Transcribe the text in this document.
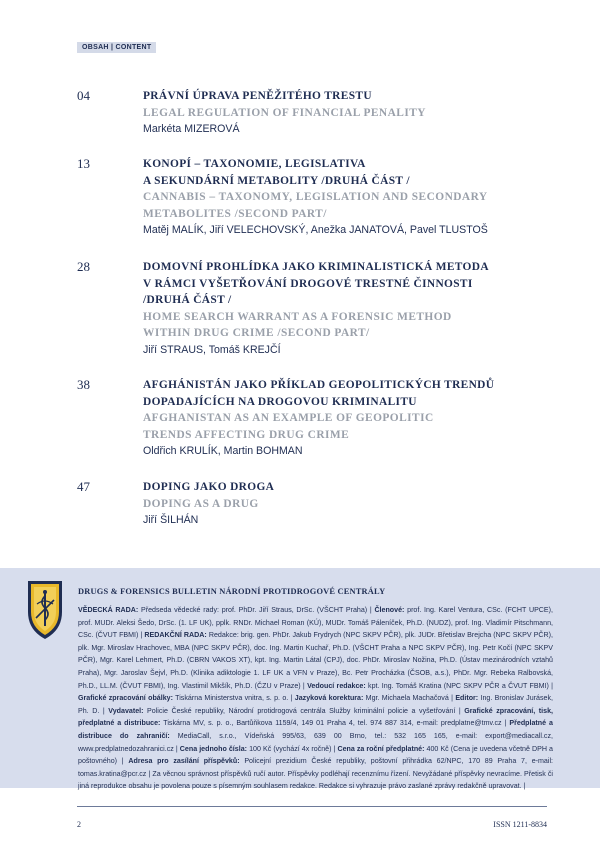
OBSAH | CONTENT
04	PRÁVNÍ ÚPRAVA PENĚŽITÉHO TRESTU
LEGAL REGULATION OF FINANCIAL PENALITY
Markéta MIZEROVÁ
13	KONOPÍ – TAXONOMIE, LEGISLATIVA
A SEKUNDÁRNÍ METABOLITY /DRUHÁ ČÁST /
CANNABIS – TAXONOMY, LEGISLATION AND SECONDARY
METABOLITES /SECOND PART/
Matěj MALÍK, Jiří VELECHOVSKÝ, Anežka JANATOVÁ, Pavel TLUSTOŠ
28	DOMOVNÍ PROHLÍDKA JAKO KRIMINALISTICKÁ METODA
V RÁMCI VYŠETŘOVÁNÍ DROGOVÉ TRESTNÉ ČINNOSTI
/DRUHÁ ČÁST /
HOME SEARCH WARRANT AS A FORENSIC METHOD
WITHIN DRUG CRIME /SECOND PART/
Jiří STRAUS, Tomáš KREJČÍ
38	AFGHÁNISTÁN JAKO PŘÍKLAD GEOPOLITICKÝCH TRENDŮ
DOPADAJÍCÍCH NA DROGOVOU KRIMINALITU
AFGHANISTAN AS AN EXAMPLE OF GEOPOLITIC
TRENDS AFFECTING DRUG CRIME
Oldřich KRULÍK, Martin BOHMAN
47	DOPING JAKO DROGA
DOPING AS A DRUG
Jiří ŠILHÁN
DRUGS & FORENSICS BULLETIN NÁRODNÍ PROTIDROGOVÉ CENTRÁLY
VĚDECKÁ RADA: Předseda vědecké rady: prof. PhDr. Jiří Straus, DrSc. (VŠCHT Praha) | Členové: prof. Ing. Karel Ventura, CSc. (FCHT UPCE), prof. MUDr. Aleksi Šedo, DrSc. (1. LF UK), pplk. RNDr. Michael Roman (KÚ), MUDr. Tomáš Páleníček, Ph.D. (NUDZ), prof. Ing. Vladimír Pitschmann, CSc. (ČVUT FBMI) | REDAKČNÍ RADA: Redakce: brig. gen. PhDr. Jakub Frydrych (NPC SKPV PČR), plk. JUDr. Břetislav Brejcha (NPC SKPV PČR), plk. Mgr. Miroslav Hrachovec, MBA (NPC SKPV PČR), doc. Ing. Martin Kuchař, Ph.D. (VŠCHT Praha a NPC SKPV PČR), Ing. Petr Kočí (NPC SKPV PČR), Mgr. Karel Lehmert, Ph.D. (CBRN VAKOS XT), kpt. Ing. Martin Látal (CPJ), doc. PhDr. Miroslav Nožina, Ph.D. (Ústav mezinárodních vztahů Praha), Mgr. Jaroslav Šejvl, Ph.D. (Klinika adiktologie 1. LF UK a VFN v Praze), Bc. Petr Procházka (ČSOB, a.s.), PhDr. Mgr. Rebeka Ralbovská, Ph.D., LL.M. (ČVUT FBMI), Ing. Vlastimil Mikšík, Ph.D. (ČZU v Praze) | Vedoucí redakce: kpt. Ing. Tomáš Kratina (NPC SKPV PČR a ČVUT FBMI) | Grafické zpracování obálky: Tiskárna Ministerstva vnitra, s. p. o. | Jazyková korektura: Mgr. Michaela Machačová | Editor: Ing. Bronislav Jurásek, Ph. D. | Vydavatel: Policie České republiky, Národní protidrogová centrála Služby kriminální policie a vyšetřování | Grafické zpracování, tisk, předplatné a distribuce: Tiskárna MV, s. p. o., Bartůňkova 1159/4, 149 01 Praha 4, tel. 974 887 314, e-mail: predplatne@tmv.cz | Předplatné a distribuce do zahraničí: MediaCall, s.r.o., Vídeňská 995/63, 639 00 Brno, tel.: 532 165 165, e-mail: export@mediacall.cz, www.predplatnedozahranici.cz | Cena jednoho čísla: 100 Kč (vychází 4x ročně) | Cena za roční předplatné: 400 Kč (Cena je uvedena včetně DPH a poštovného) | Adresa pro zasílání příspěvků: Policejní prezidium České republiky, poštovní přihrádka 62/NPC, 170 89 Praha 7, e-mail: tomas.kratina@pcr.cz | Za věcnou správnost příspěvků ručí autor. Příspěvky podléhají recenznímu řízení. Nevyžádané příspěvky nevracíme. Přetisk či jiná reprodukce obsahu je povolena pouze s písemným souhlasem redakce. Redakce si vyhrazuje právo zaslané zprávy redakčně upravovat. |
2	ISSN 1211-8834
